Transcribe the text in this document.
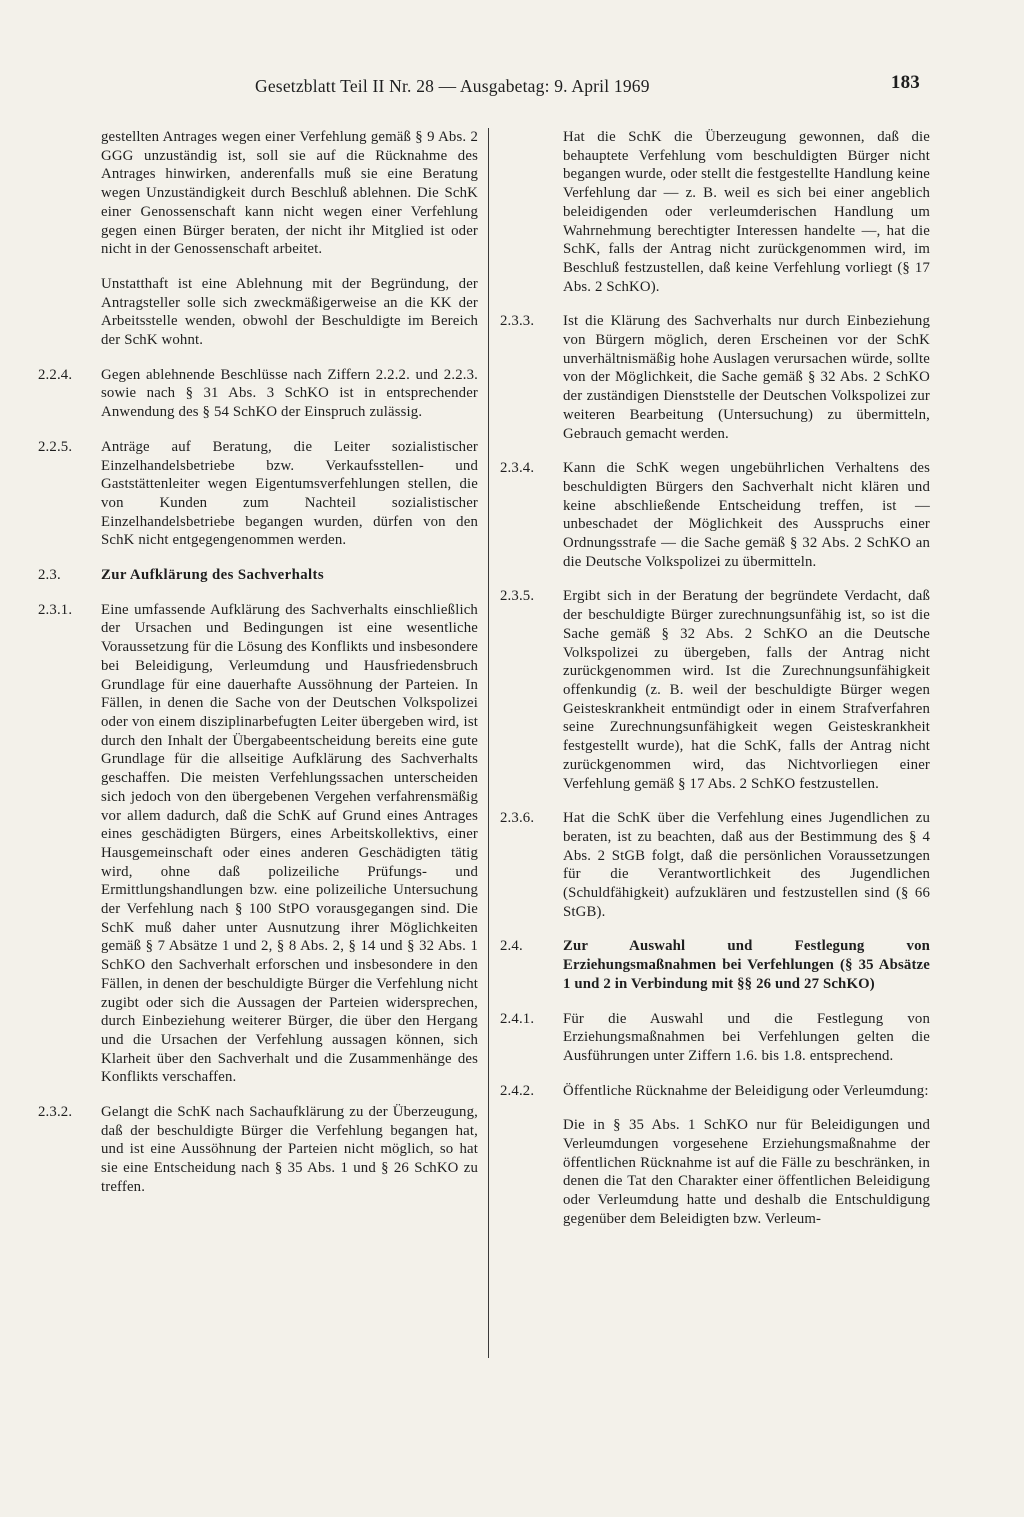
Gesetzblatt Teil II Nr. 28 — Ausgabetag: 9. April 1969	183

gestellten Antrages wegen einer Verfehlung gemäß § 9 Abs. 2 GGG unzuständig ist, soll sie auf die Rücknahme des Antrages hinwirken, anderenfalls muß sie eine Beratung wegen Unzuständigkeit durch Beschluß ablehnen. Die SchK einer Genossenschaft kann nicht wegen einer Verfehlung gegen einen Bürger beraten, der nicht ihr Mitglied ist oder nicht in der Genossenschaft arbeitet.

Unstatthaft ist eine Ablehnung mit der Begründung, der Antragsteller solle sich zweckmäßigerweise an die KK der Arbeitsstelle wenden, obwohl der Beschuldigte im Bereich der SchK wohnt.

2.2.4.	Gegen ablehnende Beschlüsse nach Ziffern 2.2.2. und 2.2.3. sowie nach § 31 Abs. 3 SchKO ist in entsprechender Anwendung des § 54 SchKO der Einspruch zulässig.

2.2.5.	Anträge auf Beratung, die Leiter sozialistischer Einzelhandelsbetriebe bzw. Verkaufsstellen- und Gaststättenleiter wegen Eigentumsverfehlungen stellen, die von Kunden zum Nachteil sozialistischer Einzelhandelsbetriebe begangen wurden, dürfen von den SchK nicht entgegengenommen werden.

2.3.	Zur Aufklärung des Sachverhalts
2.3.1.	Eine umfassende Aufklärung des Sachverhalts einschließlich der Ursachen und Bedingungen ist eine wesentliche Voraussetzung für die Lösung des Konflikts und insbesondere bei Beleidigung, Verleumdung und Hausfriedensbruch Grundlage für eine dauerhafte Aussöhnung der Parteien. In Fällen, in denen die Sache von der Deutschen Volkspolizei oder von einem disziplinarbefugten Leiter übergeben wird, ist durch den Inhalt der Übergabeentscheidung bereits eine gute Grundlage für die allseitige Aufklärung des Sachverhalts geschaffen. Die meisten Verfehlungssachen unterscheiden sich jedoch von den übergebenen Vergehen verfahrensmäßig vor allem dadurch, daß die SchK auf Grund eines Antrages eines geschädigten Bürgers, eines Arbeitskollektivs, einer Hausgemeinschaft oder eines anderen Geschädigten tätig wird, ohne daß polizeiliche Prüfungs- und Ermittlungshandlungen bzw. eine polizeiliche Untersuchung der Verfehlung nach § 100 StPO vorausgegangen sind. Die SchK muß daher unter Ausnutzung ihrer Möglichkeiten gemäß § 7 Absätze 1 und 2, § 8 Abs. 2, § 14 und § 32 Abs. 1 SchKO den Sachverhalt erforschen und insbesondere in den Fällen, in denen der beschuldigte Bürger die Verfehlung nicht zugibt oder sich die Aussagen der Parteien widersprechen, durch Einbeziehung weiterer Bürger, die über den Hergang und die Ursachen der Verfehlung aussagen können, sich Klarheit über den Sachverhalt und die Zusammenhänge des Konflikts verschaffen.

2.3.2.	Gelangt die SchK nach Sachaufklärung zu der Überzeugung, daß der beschuldigte Bürger die Verfehlung begangen hat, und ist eine Aussöhnung der Parteien nicht möglich, so hat sie eine Entscheidung nach § 35 Abs. 1 und § 26 SchKO zu treffen.

Hat die SchK die Überzeugung gewonnen, daß die behauptete Verfehlung vom beschuldigten Bürger nicht begangen wurde, oder stellt die festgestellte Handlung keine Verfehlung dar — z. B. weil es sich bei einer angeblich beleidigenden oder verleumderischen Handlung um Wahrnehmung berechtigter Interessen handelte —, hat die SchK, falls der Antrag nicht zurückgenommen wird, im Beschluß festzustellen, daß keine Verfehlung vorliegt (§ 17 Abs. 2 SchKO).

2.3.3.	Ist die Klärung des Sachverhalts nur durch Einbeziehung von Bürgern möglich, deren Erscheinen vor der SchK unverhältnismäßig hohe Auslagen verursachen würde, sollte von der Möglichkeit, die Sache gemäß § 32 Abs. 2 SchKO der zuständigen Dienststelle der Deutschen Volkspolizei zur weiteren Bearbeitung (Untersuchung) zu übermitteln, Gebrauch gemacht werden.

2.3.4.	Kann die SchK wegen ungebührlichen Verhaltens des beschuldigten Bürgers den Sachverhalt nicht klären und keine abschließende Entscheidung treffen, ist — unbeschadet der Möglichkeit des Ausspruchs einer Ordnungsstrafe — die Sache gemäß § 32 Abs. 2 SchKO an die Deutsche Volkspolizei zu übermitteln.

2.3.5.	Ergibt sich in der Beratung der begründete Verdacht, daß der beschuldigte Bürger zurechnungsunfähig ist, so ist die Sache gemäß § 32 Abs. 2 SchKO an die Deutsche Volkspolizei zu übergeben, falls der Antrag nicht zurückgenommen wird. Ist die Zurechnungsunfähigkeit offenkundig (z. B. weil der beschuldigte Bürger wegen Geisteskrankheit entmündigt oder in einem Strafverfahren seine Zurechnungsunfähigkeit wegen Geisteskrankheit festgestellt wurde), hat die SchK, falls der Antrag nicht zurückgenommen wird, das Nichtvorliegen einer Verfehlung gemäß § 17 Abs. 2 SchKO festzustellen.

2.3.6.	Hat die SchK über die Verfehlung eines Jugendlichen zu beraten, ist zu beachten, daß aus der Bestimmung des § 4 Abs. 2 StGB folgt, daß die persönlichen Voraussetzungen für die Verantwortlichkeit des Jugendlichen (Schuldfähigkeit) aufzuklären und festzustellen sind (§ 66 StGB).

2.4.	Zur Auswahl und Festlegung von Erziehungsmaßnahmen bei Verfehlungen (§ 35 Absätze 1 und 2 in Verbindung mit §§ 26 und 27 SchKO)

2.4.1.	Für die Auswahl und die Festlegung von Erziehungsmaßnahmen bei Verfehlungen gelten die Ausführungen unter Ziffern 1.6. bis 1.8. entsprechend.

2.4.2.	Öffentliche Rücknahme der Beleidigung oder Verleumdung:

Die in § 35 Abs. 1 SchKO nur für Beleidigungen und Verleumdungen vorgesehene Erziehungsmaßnahme der öffentlichen Rücknahme ist auf die Fälle zu beschränken, in denen die Tat den Charakter einer öffentlichen Beleidigung oder Verleumdung hatte und deshalb die Entschuldigung gegenüber dem Beleidigten bzw. Verleum-
